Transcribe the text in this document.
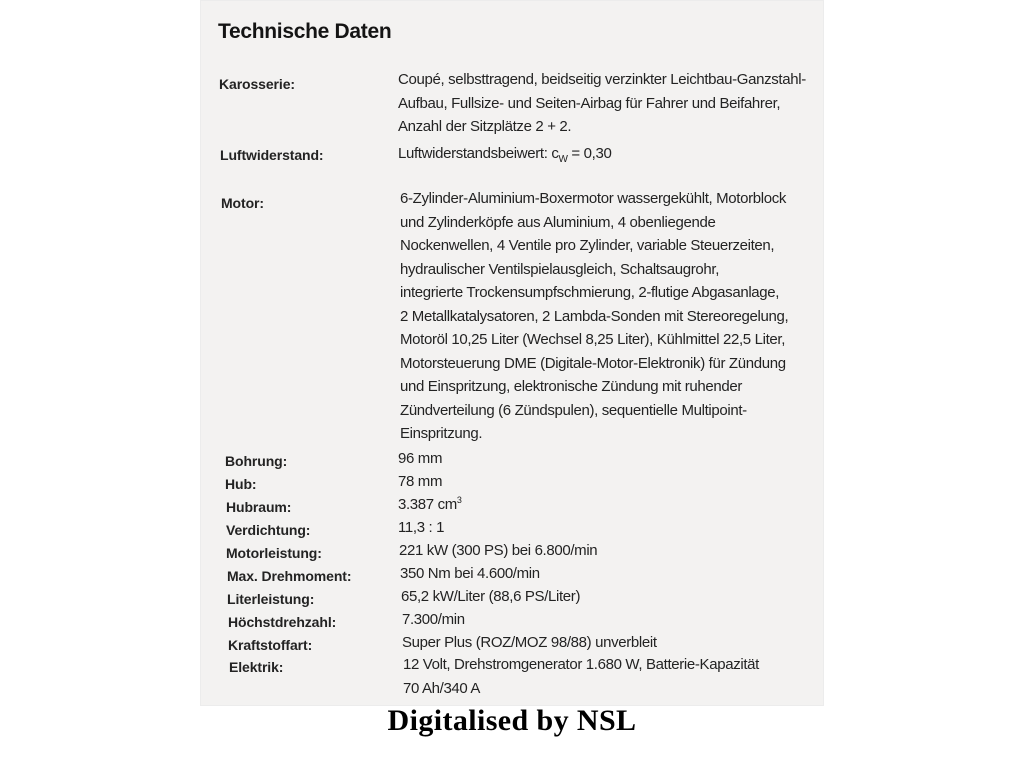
Technische Daten
Karosserie:	Coupé, selbsttragend, beidseitig verzinkter Leichtbau-Ganzstahl-
Aufbau, Fullsize- und Seiten-Airbag für Fahrer und Beifahrer,
Anzahl der Sitzplätze 2 + 2.
Luftwiderstand:	Luftwiderstandsbeiwert: $c_W = 0,30$
Motor:	6-Zylinder-Aluminium-Boxermotor wassergekühlt, Motorblock
und Zylinderköpfe aus Aluminium, 4 obenliegende
Nockenwellen, 4 Ventile pro Zylinder, variable Steuerzeiten,
hydraulischer Ventilspielausgleich, Schaltsaugrohr,
integrierte Trockensumpfschmierung, 2-flutige Abgasanlage,
2 Metallkatalysatoren, 2 Lambda-Sonden mit Stereoregelung,
Motoröl 10,25 Liter (Wechsel 8,25 Liter), Kühlmittel 22,5 Liter,
Motorsteuerung DME (Digitale-Motor-Elektronik) für Zündung
und Einspritzung, elektronische Zündung mit ruhender
Zündverteilung (6 Zündspulen), sequentielle Multipoint-
Einspritzung.
Bohrung:	96 mm
Hub:	78 mm
Hubraum:	3.387 $cm^3$
Verdichtung:	11,3 : 1
Motorleistung:	221 kW (300 PS) bei 6.800/min
Max. Drehmoment:	350 Nm bei 4.600/min
Literleistung:	65,2 kW/Liter (88,6 PS/Liter)
Höchstdrehzahl:	7.300/min
Kraftstoffart:	Super Plus (ROZ/MOZ 98/88) unverbleit
Elektrik:	12 Volt, Drehstromgenerator 1.680 W, Batterie-Kapazität
70 Ah/340 A
Digitalised by NSL
